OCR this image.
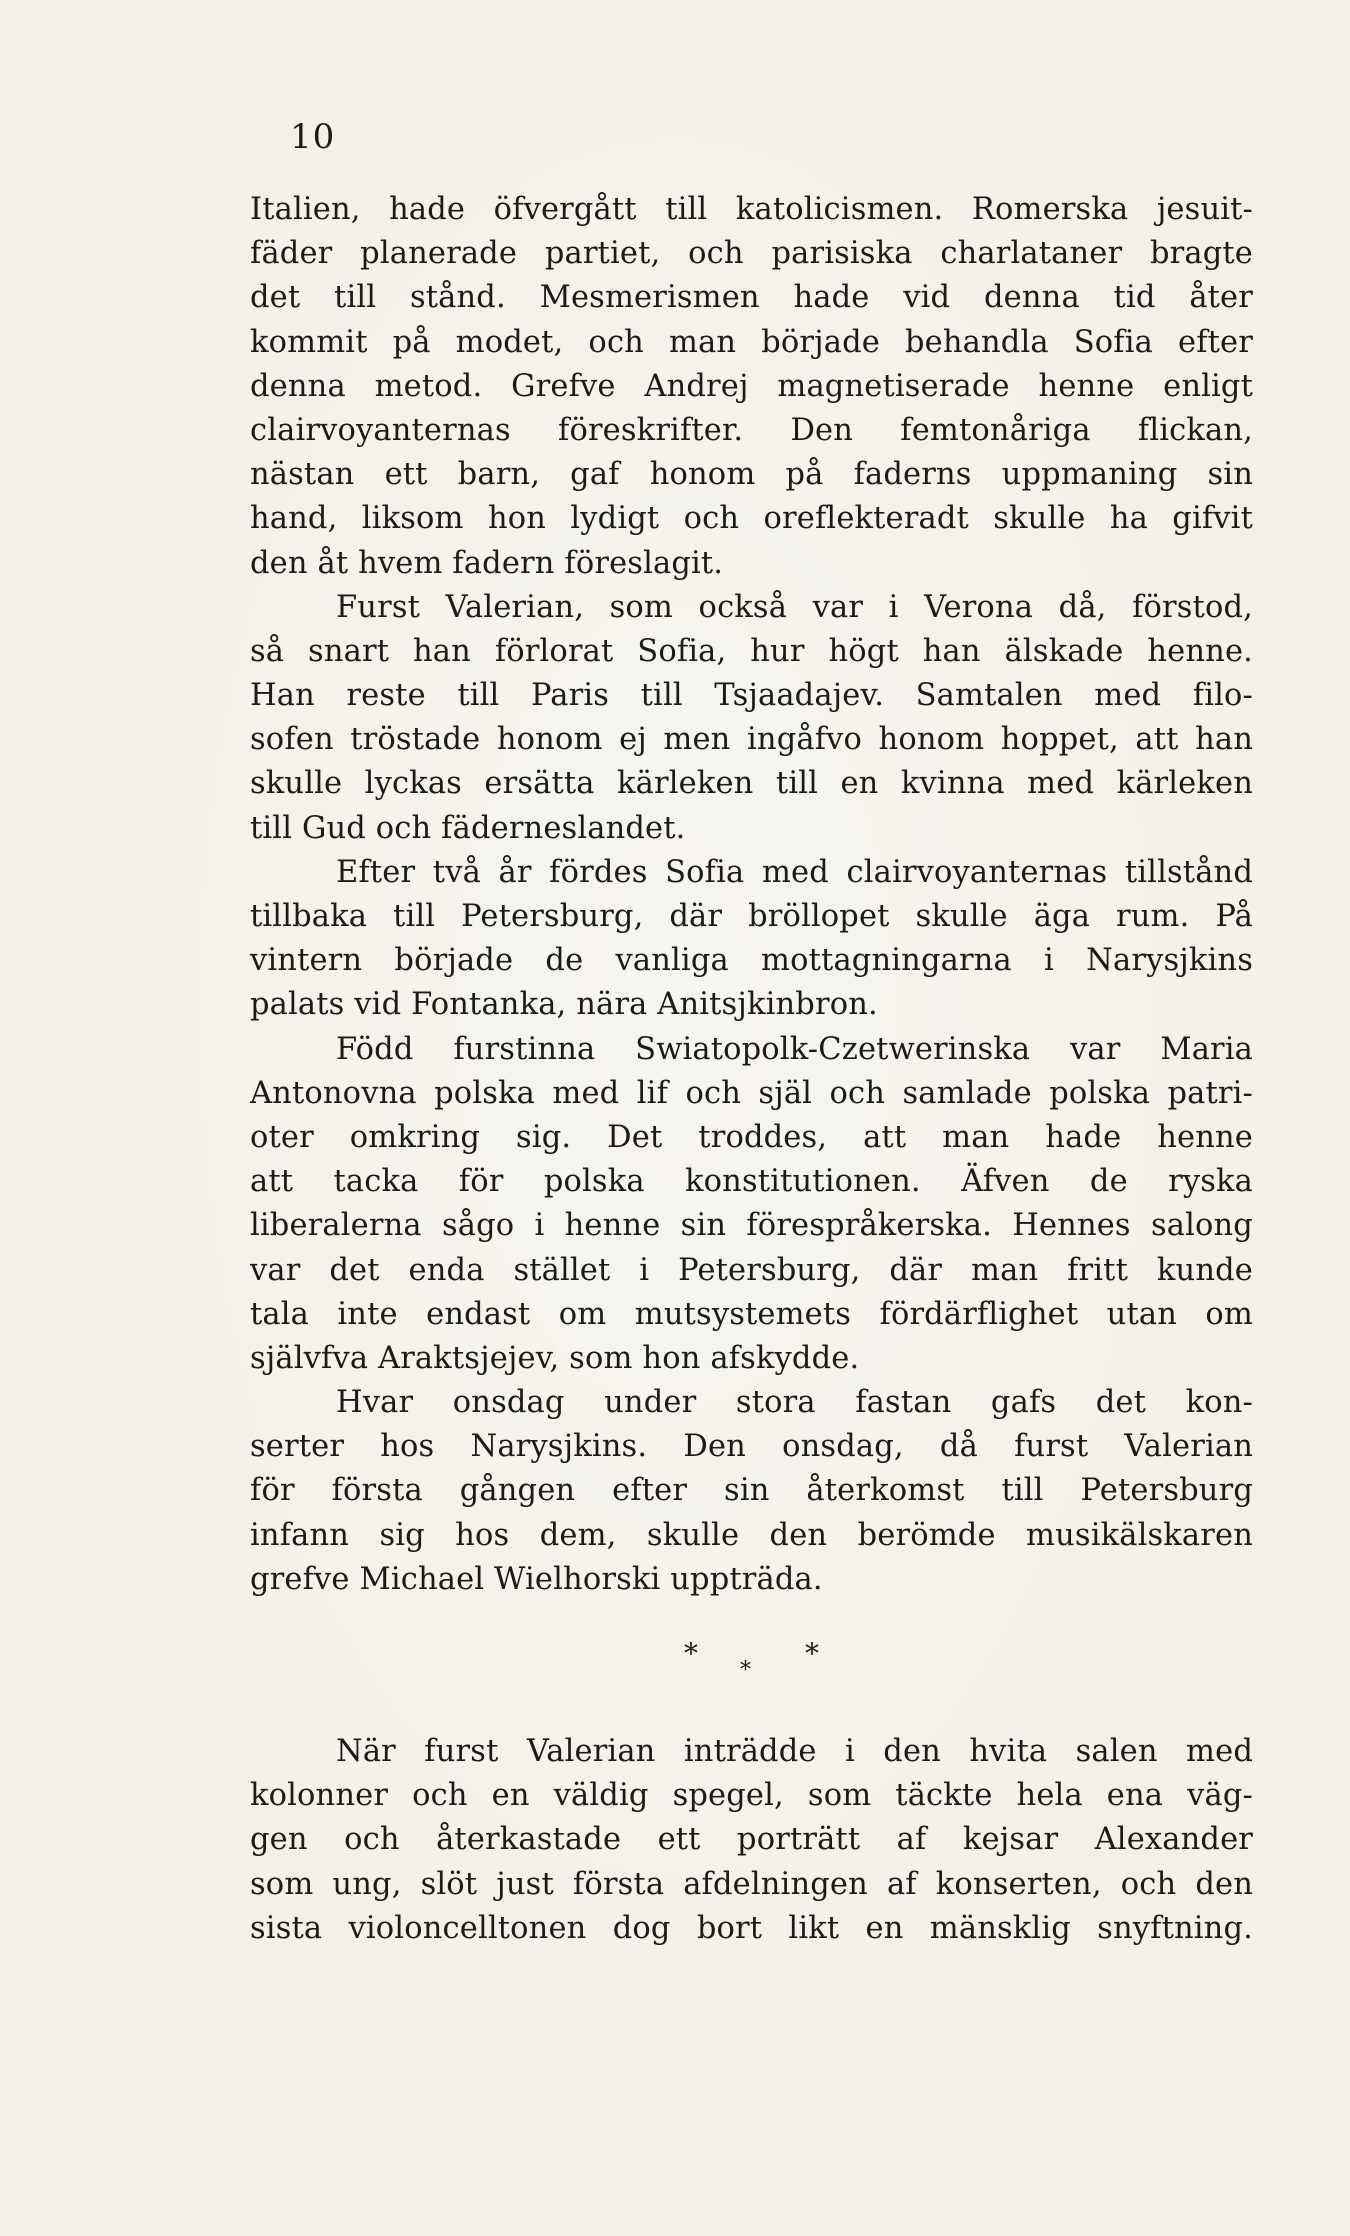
10
Italien, hade öfvergått till katolicismen. Romerska jesuit-
fäder planerade partiet, och parisiska charlataner bragte
det till stånd. Mesmerismen hade vid denna tid åter
kommit på modet, och man började behandla Sofia efter
denna metod. Grefve Andrej magnetiserade henne enligt
clairvoyanternas föreskrifter. Den femtonåriga flickan,
nästan ett barn, gaf honom på faderns uppmaning sin
hand, liksom hon lydigt och oreflekteradt skulle ha gifvit
den åt hvem fadern föreslagit.
Furst Valerian, som också var i Verona då, förstod,
så snart han förlorat Sofia, hur högt han älskade henne.
Han reste till Paris till Tsjaadajev. Samtalen med filo-
sofen tröstade honom ej men ingåfvo honom hoppet, att han
skulle lyckas ersätta kärleken till en kvinna med kärleken
till Gud och fäderneslandet.
Efter två år fördes Sofia med clairvoyanternas tillstånd
tillbaka till Petersburg, där bröllopet skulle äga rum. På
vintern började de vanliga mottagningarna i Narysjkins
palats vid Fontanka, nära Anitsjkinbron.
Född furstinna Swiatopolk-Czetwerinska var Maria
Antonovna polska med lif och själ och samlade polska patri-
oter omkring sig. Det troddes, att man hade henne
att tacka för polska konstitutionen. Äfven de ryska
liberalerna sågo i henne sin förespråkerska. Hennes salong
var det enda stället i Petersburg, där man fritt kunde
tala inte endast om mutsystemets fördärflighet utan om
självfva Araktsjejev, som hon afskydde.
Hvar onsdag under stora fastan gafs det kon-
serter hos Narysjkins. Den onsdag, då furst Valerian
för första gången efter sin återkomst till Petersburg
infann sig hos dem, skulle den berömde musikälskaren
grefve Michael Wielhorski uppträda.
*
*
*
När furst Valerian inträdde i den hvita salen med
kolonner och en väldig spegel, som täckte hela ena väg-
gen och återkastade ett porträtt af kejsar Alexander
som ung, slöt just första afdelningen af konserten, och den
sista violoncelltonen dog bort likt en mänsklig snyftning.
